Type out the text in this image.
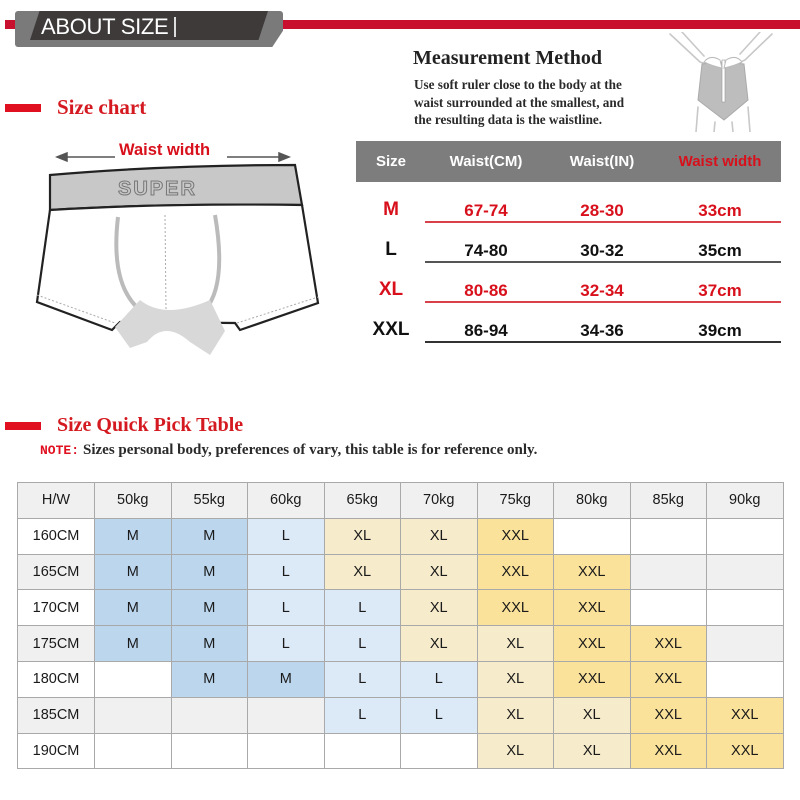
ABOUT SIZE
Size chart
Measurement Method
Use soft ruler close to the body at the
waist surrounded at the smallest, and
the resulting data is the waistline.
Waist width
SUPER
Size	Waist(CM)	Waist(IN)	Waist width
M	67-74	28-30	33cm
L	74-80	30-32	35cm
XL	80-86	32-34	37cm
XXL	86-94	34-36	39cm
Size Quick Pick Table
NOTE: Sizes personal body, preferences of vary, this table is for reference only.
H/W	50kg	55kg	60kg	65kg	70kg	75kg	80kg	85kg	90kg
160CM	M	M	L	XL	XL	XXL			
165CM	M	M	L	XL	XL	XXL	XXL		
170CM	M	M	L	L	XL	XXL	XXL		
175CM	M	M	L	L	XL	XL	XXL	XXL	
180CM		M	M	L	L	XL	XXL	XXL	
185CM				L	L	XL	XL	XXL	XXL
190CM						XL	XL	XXL	XXL
